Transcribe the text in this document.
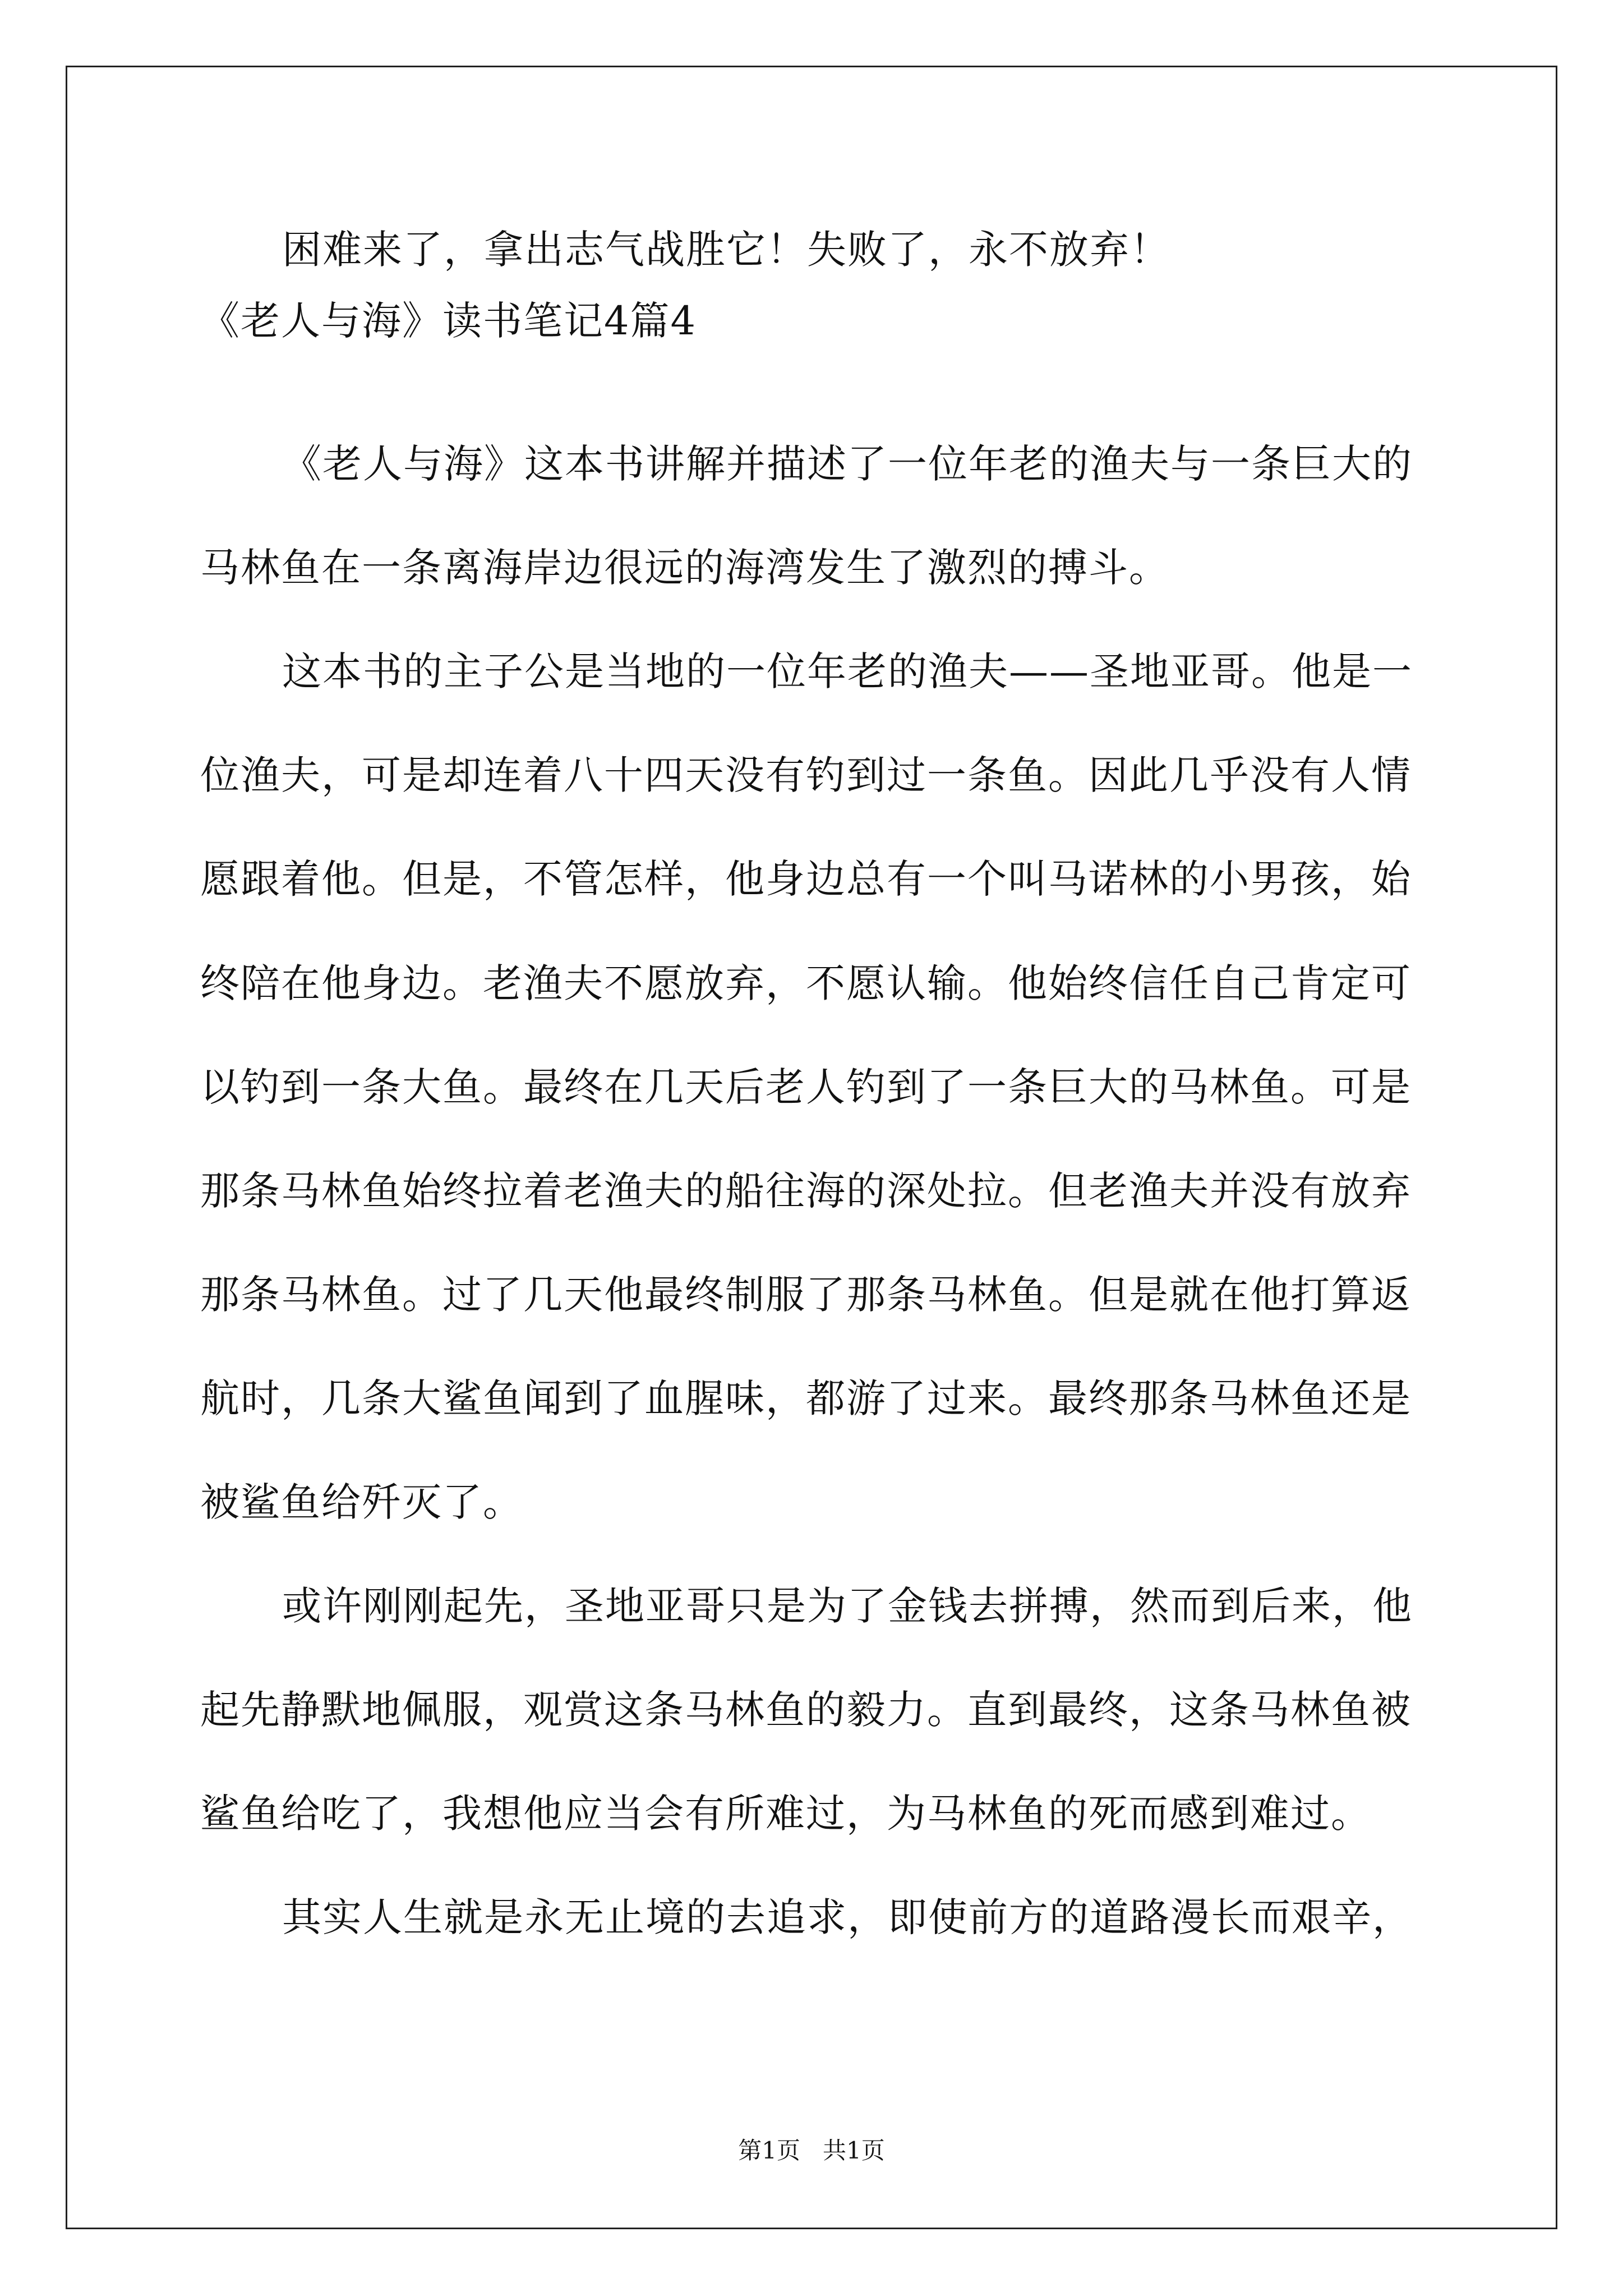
困难来了，拿出志气战胜它！失败了，永不放弃！
《老人与海》读书笔记4篇4
《老人与海》这本书讲解并描述了一位年老的渔夫与一条巨大的
马林鱼在一条离海岸边很远的海湾发生了激烈的搏斗。
这本书的主子公是当地的一位年老的渔夫——圣地亚哥。他是一
位渔夫，可是却连着八十四天没有钓到过一条鱼。因此几乎没有人情
愿跟着他。但是，不管怎样，他身边总有一个叫马诺林的小男孩，始
终陪在他身边。老渔夫不愿放弃，不愿认输。他始终信任自己肯定可
以钓到一条大鱼。最终在几天后老人钓到了一条巨大的马林鱼。可是
那条马林鱼始终拉着老渔夫的船往海的深处拉。但老渔夫并没有放弃
那条马林鱼。过了几天他最终制服了那条马林鱼。但是就在他打算返
航时，几条大鲨鱼闻到了血腥味，都游了过来。最终那条马林鱼还是
被鲨鱼给歼灭了。
或许刚刚起先，圣地亚哥只是为了金钱去拼搏，然而到后来，他
起先静默地佩服，观赏这条马林鱼的毅力。直到最终，这条马林鱼被
鲨鱼给吃了，我想他应当会有所难过，为马林鱼的死而感到难过。
其实人生就是永无止境的去追求，即使前方的道路漫长而艰辛，
第1页   共1页
